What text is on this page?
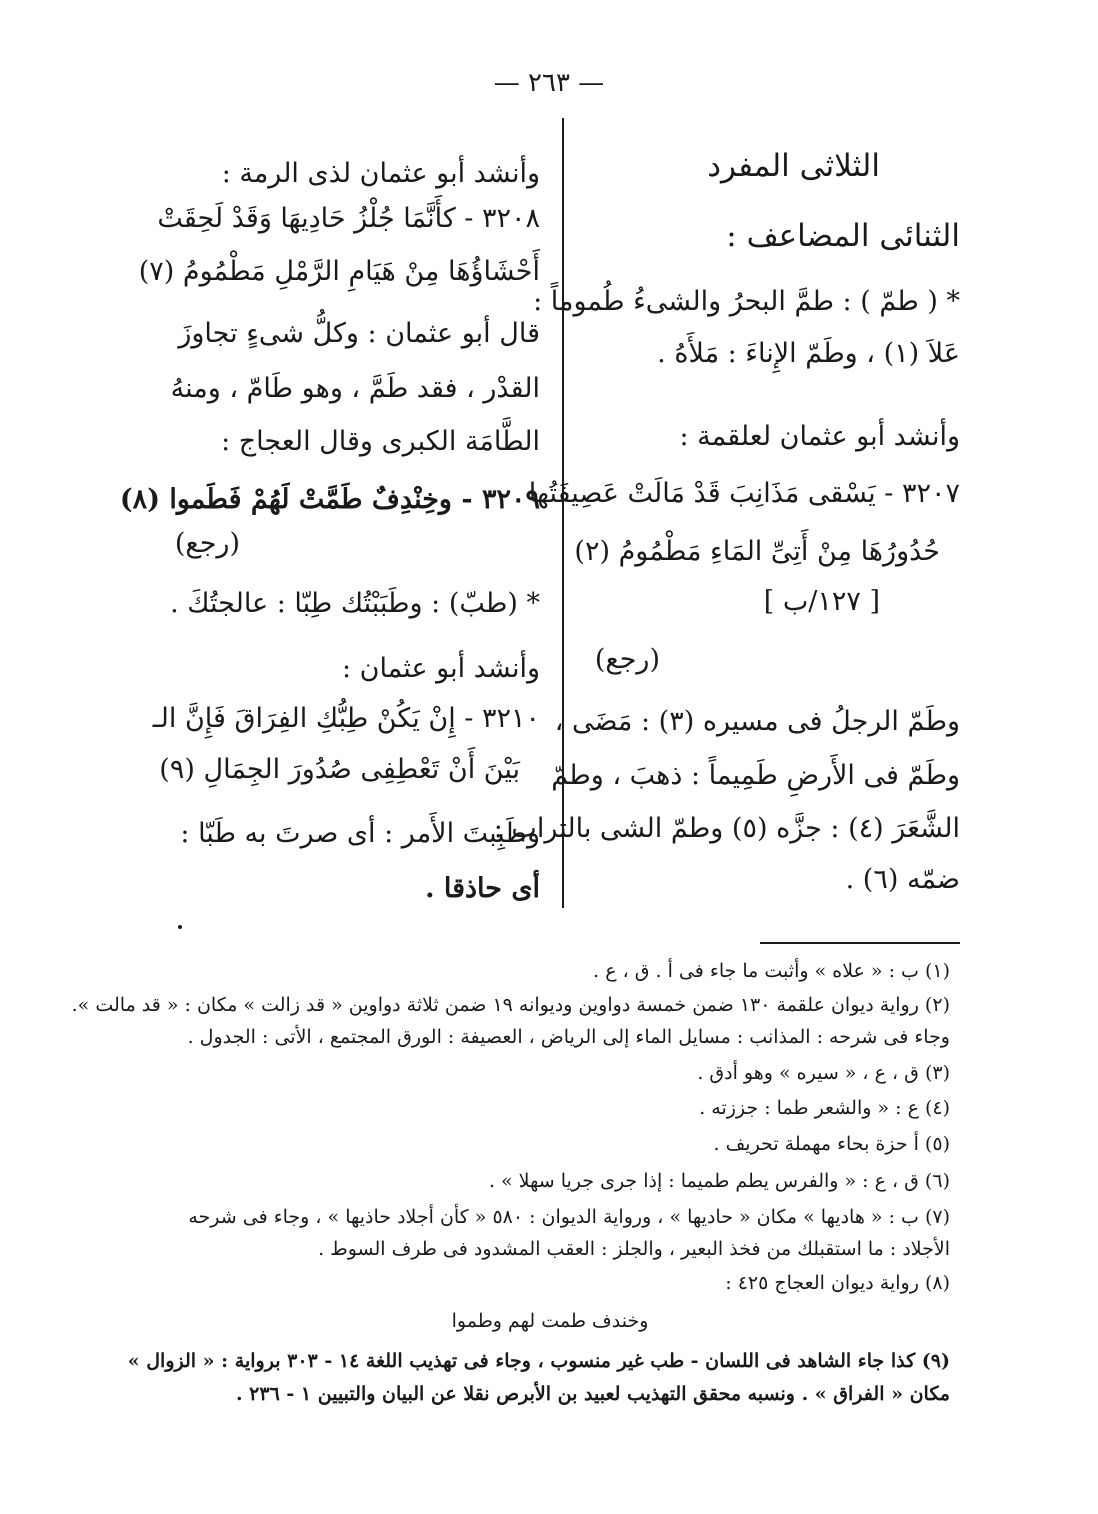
— ٢٦٣ —
الثلاثى المفرد
الثنائى المضاعف :
* ( طمّ ) : طمَّ البحرُ والشىءُ طُموماً :
عَلاَ (١) ، وطَمّ الإِناءَ : مَلأَهُ .
وأنشد أبو عثمان لعلقمة :
٣٢٠٧ - يَسْقى مَذَانِبَ قَدْ مَالَتْ عَصِيفَتُها
حُدُورُهَا مِنْ أَتِىِّ المَاءِ مَطْمُومُ (٢)
[ ١٢٧/ب ]
(رجع)
وطَمّ الرجلُ فى مسيره (٣) : مَضَى ،
وطَمّ فى الأَرضِ طَمِيماً : ذهبَ ، وطمّ
الشَّعَرَ (٤) : جزَّه (٥) وطمّ الشى بالتراب :
ضمّه (٦) .
وأنشد أبو عثمان لذى الرمة :
٣٢٠٨ - كأَنَّمَا جُلْزُ حَادِيهَا وَقَدْ لَحِقَتْ
أَحْشَاؤُهَا مِنْ هَيَامِ الرَّمْلِ مَطْمُومُ (٧)
قال أبو عثمان : وكلُّ شىءٍ تجاوزَ
القدْر ، فقد طَمَّ ، وهو طَامّ ، ومنهُ
الطَّامَة الكبرى وقال العجاج :
٣٢٠٩ - وخِنْدِفٌ طَمَّتْ لَهُمْ فَطَموا (٨)
(رجع)
* (طبّ) : وطَبَبْتُك طِبّا : عالجتُكَ .
وأنشد أبو عثمان :
٣٢١٠ - إِنْ يَكُنْ طِبُّكِ الفِرَاقَ فَإِنَّ الـ
بَيْنَ أَنْ تَعْطِفِى صُدُورَ الجِمَالِ (٩)
وطَبِبتَ الأَمر : أى صرتَ به طَبّا :
أى حاذقا .
(١) ب : « علاه » وأثبت ما جاء فى أ . ق ، ع .
(٢) رواية ديوان علقمة ١٣٠ ضمن خمسة دواوين وديوانه ١٩ ضمن ثلاثة دواوين « قد زالت » مكان : « قد مالت ».
وجاء فى شرحه : المذانب : مسايل الماء إلى الرياض ، العصيفة : الورق المجتمع ، الأتى : الجدول .
(٣) ق ، ع ، « سيره » وهو أدق .
(٤) ع : « والشعر طما : جززته .
(٥) أ حزة بحاء مهملة تحريف .
(٦) ق ، ع : « والفرس يطم طميما : إذا جرى جريا سهلا » .
(٧) ب : « هاديها » مكان « حاديها » ، ورواية الديوان : ٥٨٠ « كأن أجلاد حاذيها » ، وجاء فى شرحه
الأجلاد : ما استقبلك من فخذ البعير ، والجلز : العقب المشدود فى طرف السوط .
(٨) رواية ديوان العجاج ٤٢٥ :
وخندف طمت لهم وطموا
(٩) كذا جاء الشاهد فى اللسان - طب غير منسوب ، وجاء فى تهذيب اللغة ١٤ - ٣٠٣ برواية : « الزوال »
مكان « الفراق » . ونسبه محقق التهذيب لعبيد بن الأبرص نقلا عن البيان والتبيين ١ - ٢٣٦ .
